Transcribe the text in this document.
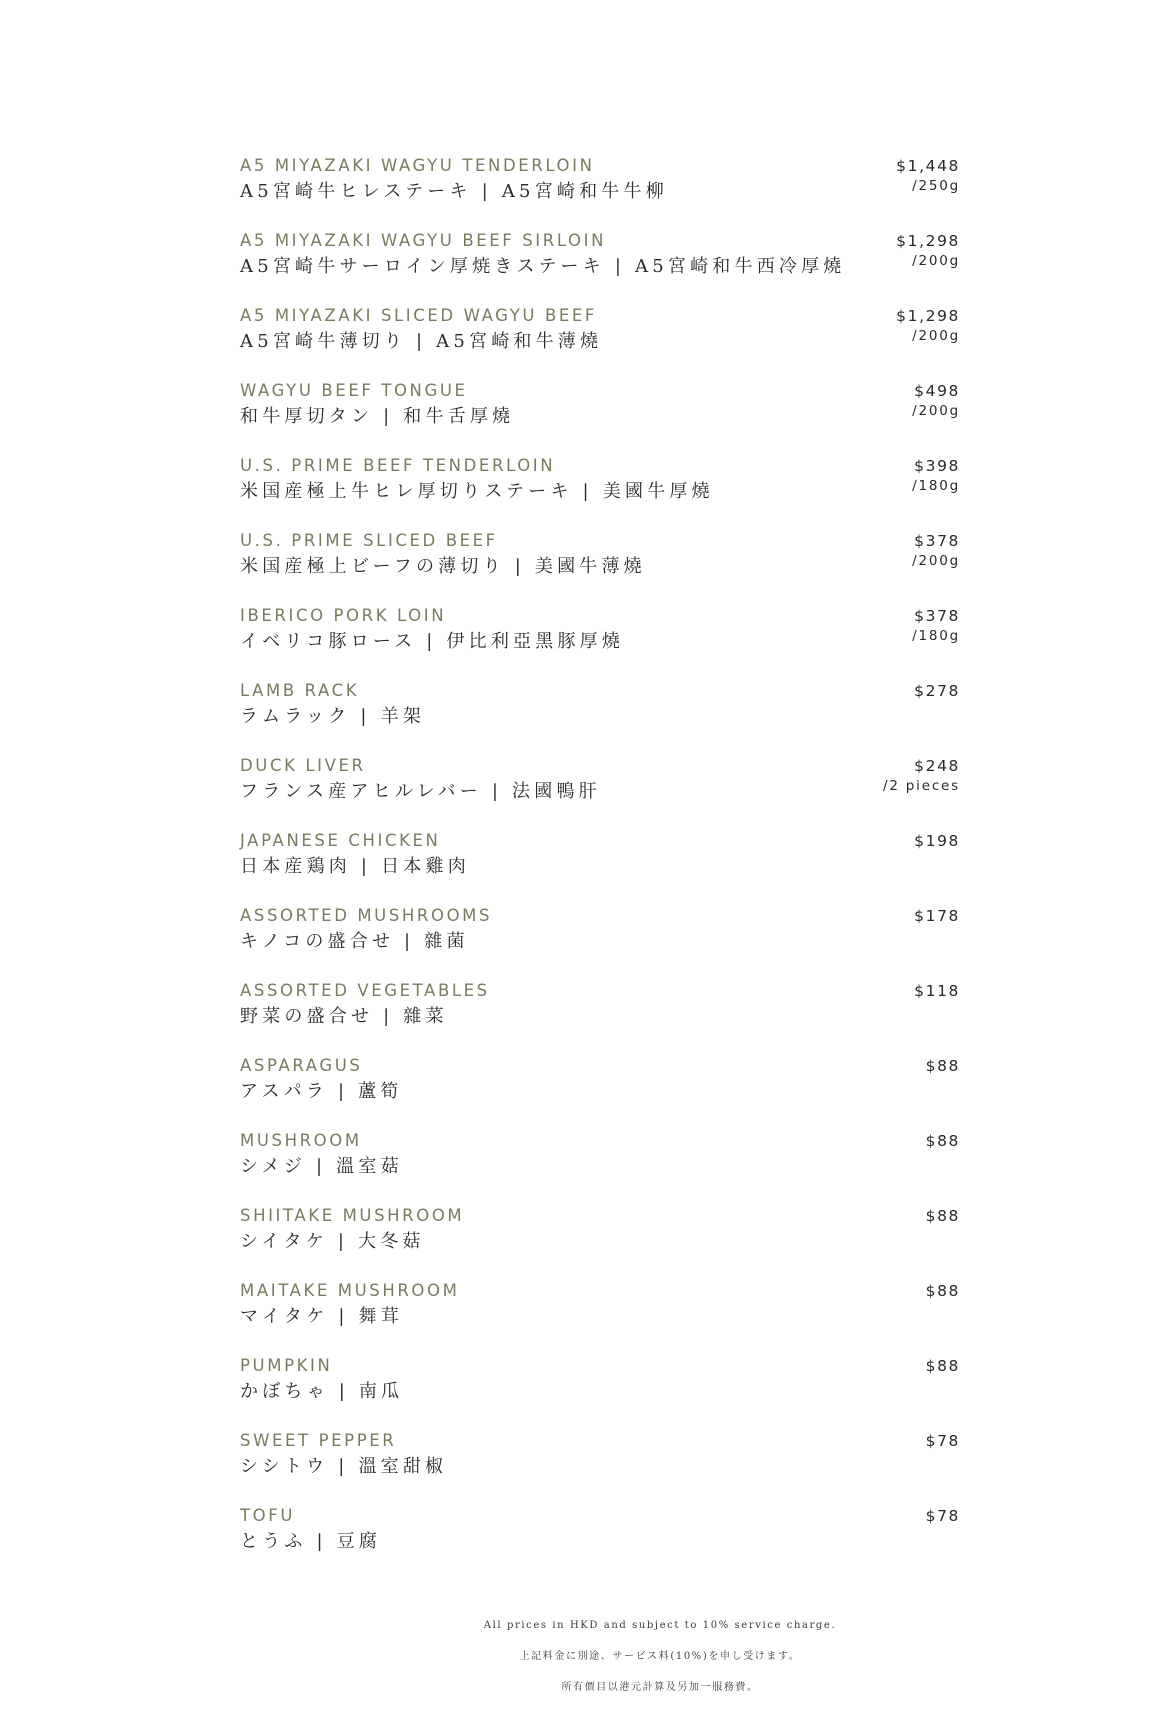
A5 MIYAZAKI WAGYU TENDERLOIN
A5宮崎牛ヒレステーキ | A5宮崎和牛牛柳
$1,448
/250g
A5 MIYAZAKI WAGYU BEEF SIRLOIN
A5宮崎牛サーロイン厚焼きステーキ | A5宮崎和牛西冷厚燒
$1,298
/200g
A5 MIYAZAKI SLICED WAGYU BEEF
A5宮崎牛薄切り | A5宮崎和牛薄燒
$1,298
/200g
WAGYU BEEF TONGUE
和牛厚切タン | 和牛舌厚燒
$498
/200g
U.S. PRIME BEEF TENDERLOIN
米国産極上牛ヒレ厚切りステーキ | 美國牛厚燒
$398
/180g
U.S. PRIME SLICED BEEF
米国産極上ビーフの薄切り | 美國牛薄燒
$378
/200g
IBERICO PORK LOIN
イベリコ豚ロース | 伊比利亞黑豚厚燒
$378
/180g
LAMB RACK
ラムラック | 羊架
$278
DUCK LIVER
フランス産アヒルレバー | 法國鴨肝
$248
/2 pieces
JAPANESE CHICKEN
日本産鶏肉 | 日本雞肉
$198
ASSORTED MUSHROOMS
キノコの盛合せ | 雜菌
$178
ASSORTED VEGETABLES
野菜の盛合せ | 雜菜
$118
ASPARAGUS
アスパラ | 蘆筍
$88
MUSHROOM
シメジ | 溫室菇
$88
SHIITAKE MUSHROOM
シイタケ | 大冬菇
$88
MAITAKE MUSHROOM
マイタケ | 舞茸
$88
PUMPKIN
かぼちゃ | 南瓜
$88
SWEET PEPPER
シシトウ | 溫室甜椒
$78
TOFU
とうふ | 豆腐
$78
All prices in HKD and subject to 10% service charge.
上記料金に別途、サービス料(10%)を申し受けます。
所有價目以港元計算及另加一服務費。
